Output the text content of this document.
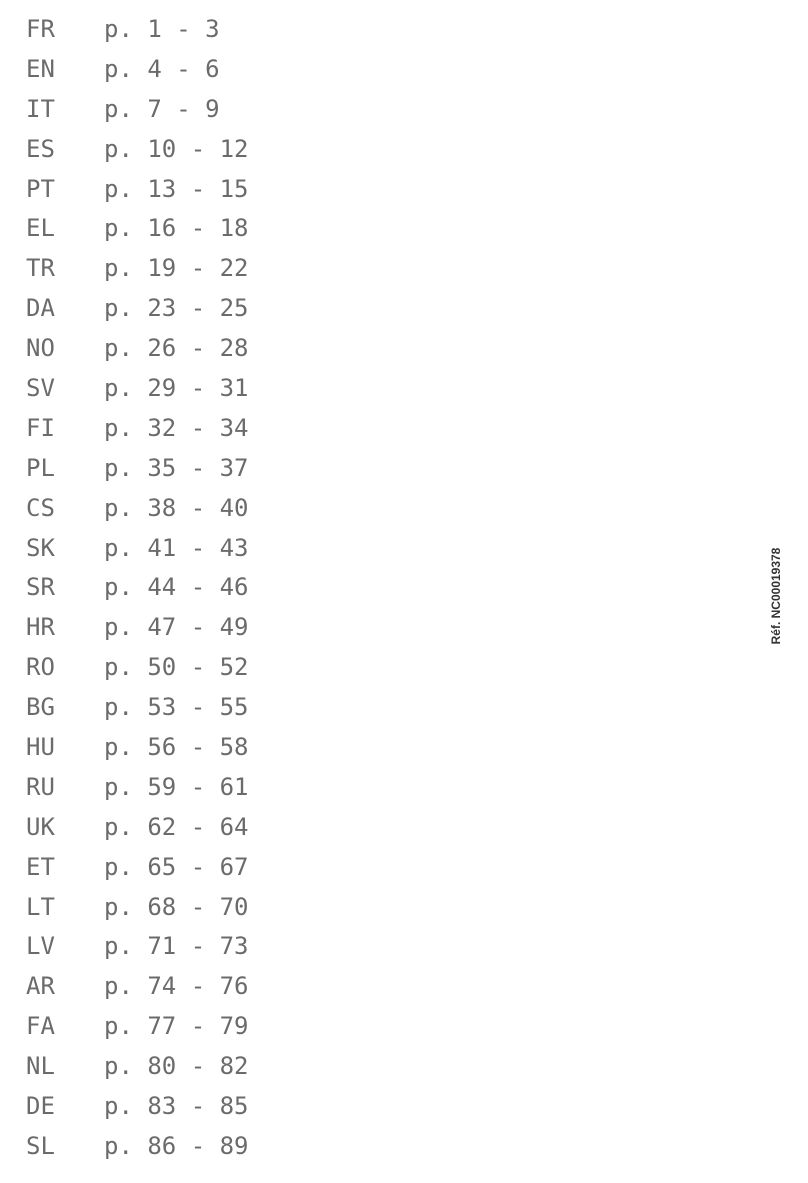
FR p. 1 - 3
EN p. 4 - 6
IT p. 7 - 9
ES p. 10 - 12
PT p. 13 - 15
EL p. 16 - 18
TR p. 19 - 22
DA p. 23 - 25
NO p. 26 - 28
SV p. 29 - 31
FI p. 32 - 34
PL p. 35 - 37
CS p. 38 - 40
SK p. 41 - 43
SR p. 44 - 46
HR p. 47 - 49
RO p. 50 - 52
BG p. 53 - 55
HU p. 56 - 58
RU p. 59 - 61
UK p. 62 - 64
ET p. 65 - 67
LT p. 68 - 70
LV p. 71 - 73
AR p. 74 - 76
FA p. 77 - 79
NL p. 80 - 82
DE p. 83 - 85
SL p. 86 - 89
Réf. NC00019378
